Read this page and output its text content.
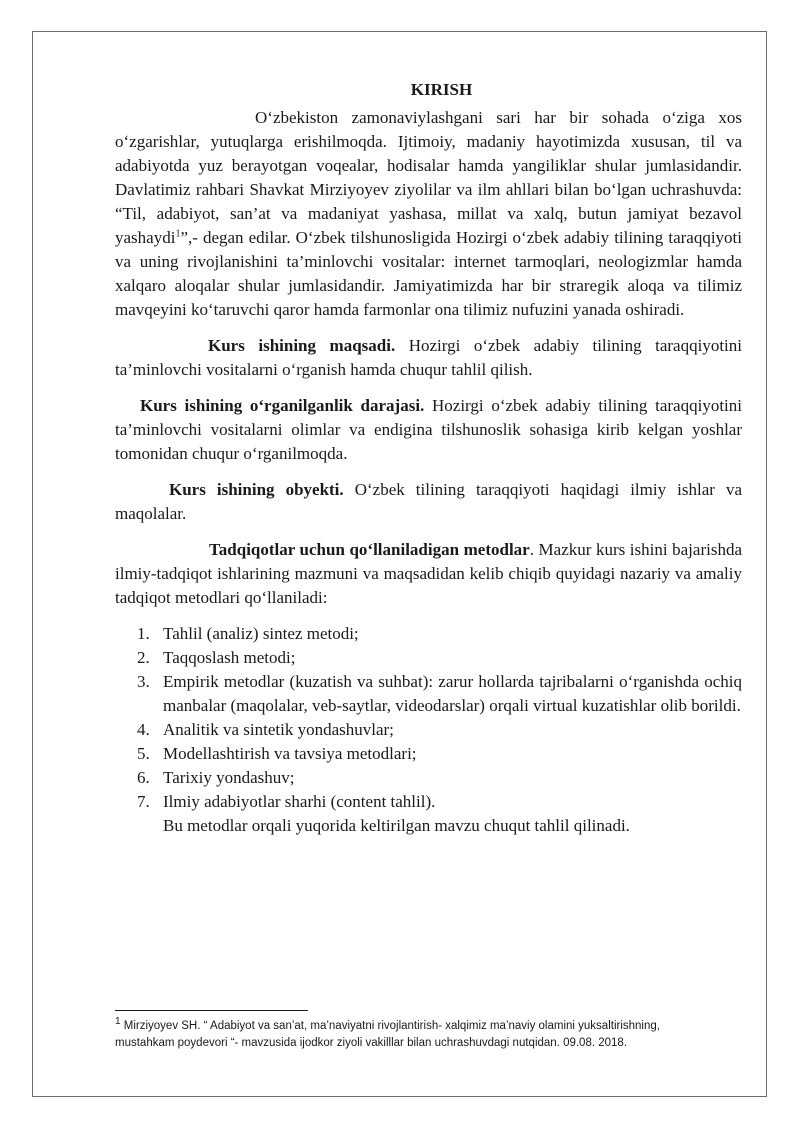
KIRISH

O‘zbekiston zamonaviylashgani sari har bir sohada o‘ziga xos o‘zgarishlar, yutuqlarga erishilmoqda. Ijtimoiy, madaniy hayotimizda xususan, til va adabiyotda yuz berayotgan voqealar, hodisalar hamda yangiliklar shular jumlasidandir. Davlatimiz rahbari Shavkat Mirziyoyev ziyolilar va ilm ahllari bilan bo‘lgan uchrashuvda: “Til, adabiyot, san’at va madaniyat yashasa, millat va xalq, butun jamiyat bezavol yashaydi$^1$”,- degan edilar. O‘zbek tilshunosligida Hozirgi o‘zbek adabiy tilining taraqqiyoti va uning rivojlanishini ta’minlovchi vositalar: internet tarmoqlari, neologizmlar hamda xalqaro aloqalar shular jumlasidandir. Jamiyatimizda har bir straregik aloqa va tilimiz mavqeyini ko‘taruvchi qaror hamda farmonlar ona tilimiz nufuzini yanada oshiradi.

Kurs ishining maqsadi. Hozirgi o‘zbek adabiy tilining taraqqiyotini ta’minlovchi vositalarni o‘rganish hamda chuqur tahlil qilish.

Kurs ishining o‘rganilganlik darajasi. Hozirgi o‘zbek adabiy tilining taraqqiyotini ta’minlovchi vositalarni olimlar va endigina tilshunoslik sohasiga kirib kelgan yoshlar tomonidan chuqur o‘rganilmoqda.

Kurs ishining obyekti. O‘zbek tilining taraqqiyoti haqidagi ilmiy ishlar va maqolalar.

Tadqiqotlar uchun qo‘llaniladigan metodlar. Mazkur kurs ishini bajarishda ilmiy-tadqiqot ishlarining mazmuni va maqsadidan kelib chiqib quyidagi nazariy va amaliy tadqiqot metodlari qo‘llaniladi:

1. Tahlil (analiz) sintez metodi;
2. Taqqoslash metodi;
3. Empirik metodlar (kuzatish va suhbat): zarur hollarda tajribalarni o‘rganishda ochiq manbalar (maqolalar, veb-saytlar, videodarslar) orqali virtual kuzatishlar olib borildi.
4. Analitik va sintetik yondashuvlar;
5. Modellashtirish va tavsiya metodlari;
6. Tarixiy yondashuv;
7. Ilmiy adabiyotlar sharhi (content tahlil).

Bu metodlar orqali yuqorida keltirilgan mavzu chuqut tahlil qilinadi.

1 Mirziyoyev SH. “ Adabiyot va san’at, ma’naviyatni rivojlantirish- xalqimiz ma’naviy olamini yuksaltirishning, mustahkam poydevori “- mavzusida ijodkor ziyoli vakilllar bilan uchrashuvdagi nutqidan. 09.08. 2018.
